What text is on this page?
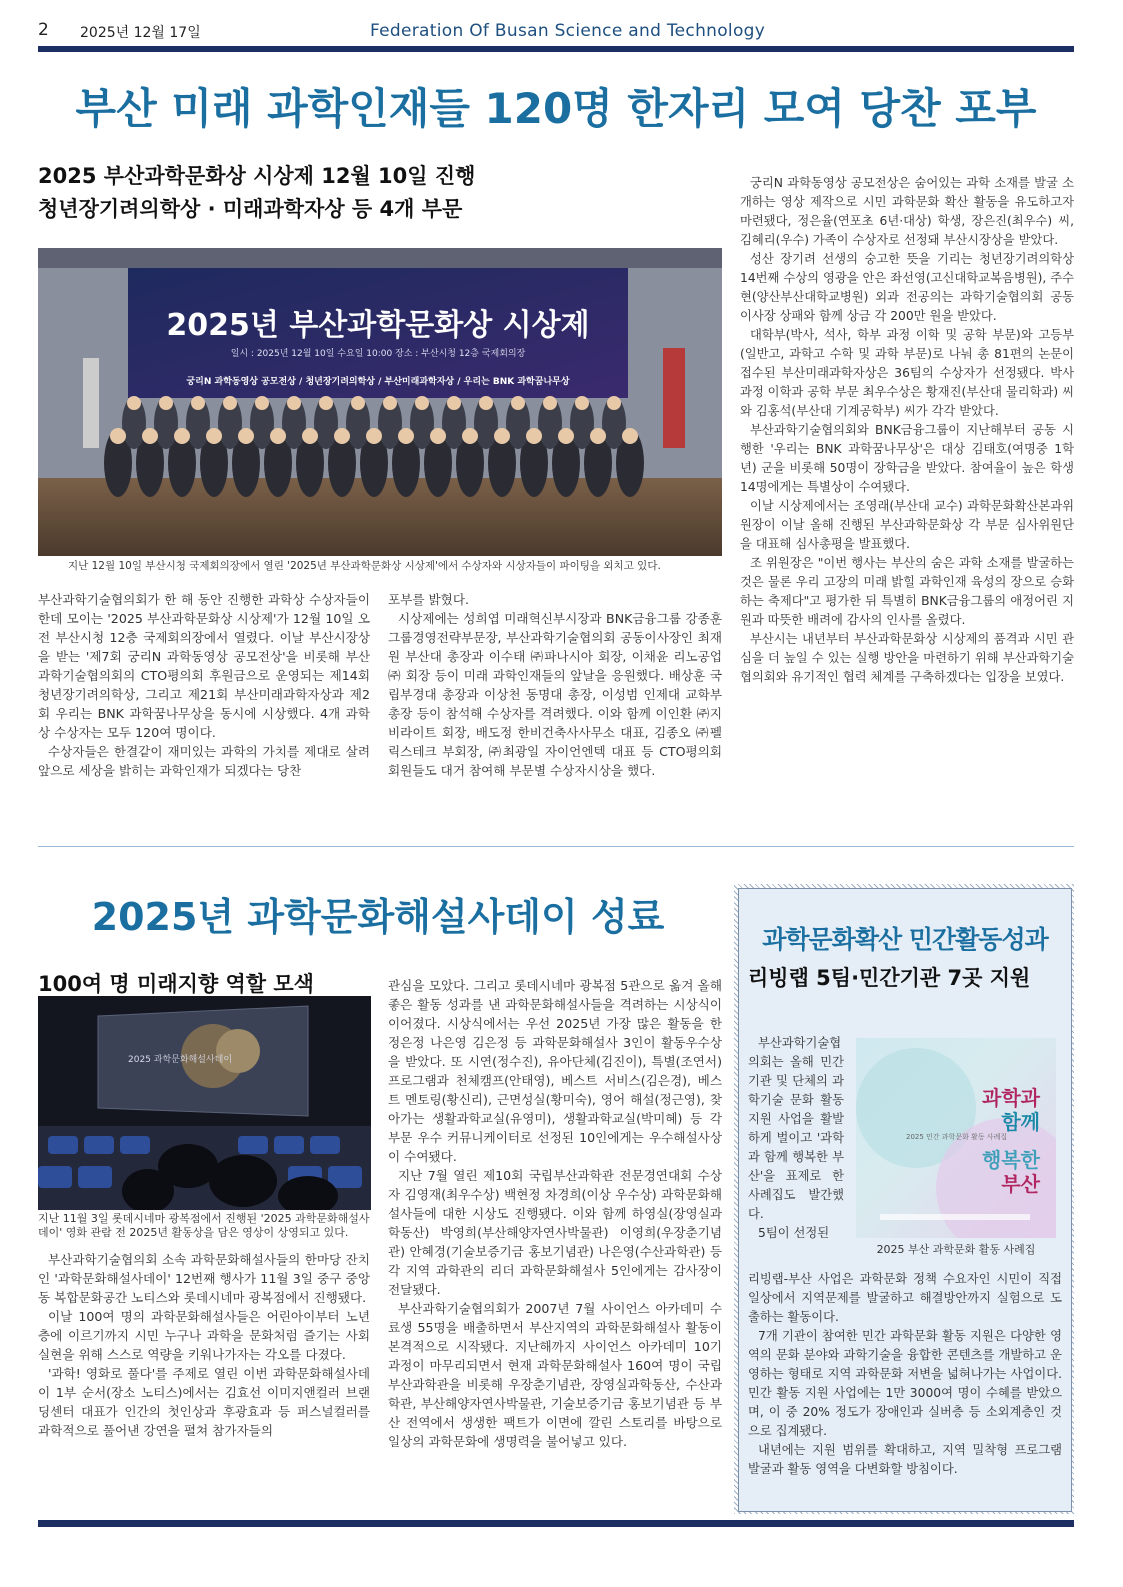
2 2025년 12월 17일	Federation Of Busan Science and Technology
부산 미래 과학인재들 120명 한자리 모여 당찬 포부
2025 부산과학문화상 시상제 12월 10일 진행
청년장기려의학상 · 미래과학자상 등 4개 부문
2025년 부산과학문화상 시상제
일시 : 2025년 12월 10일 수요일 10:00 장소 : 부산시청 12층 국제회의장
궁리N 과학동영상 공모전상 / 청년장기려의학상 / 부산미래과학자상 / 우리는 BNK 과학꿈나무상
지난 12월 10일 부산시청 국제회의장에서 열린 '2025년 부산과학문화상 시상제'에서 수상자와 시상자들이 파이팅을 외치고 있다.

부산과학기술협의회가 한 해 동안 진행한 과학상 수상자들이 한데 모이는 '2025 부산과학문화상 시상제'가 12월 10일 오전 부산시청 12층 국제회의장에서 열렸다. 이날 부산시장상을 받는 '제7회 궁리N 과학동영상 공모전상'을 비롯해 부산과학기술협의회의 CTO평의회 후원금으로 운영되는 제14회 청년장기려의학상, 그리고 제21회 부산미래과학자상과 제2회 우리는 BNK 과학꿈나무상을 동시에 시상했다. 4개 과학상 수상자는 모두 120여 명이다.

수상자들은 한결같이 재미있는 과학의 가치를 제대로 살려 앞으로 세상을 밝히는 과학인재가 되겠다는 당찬

포부를 밝혔다.

시상제에는 성희엽 미래혁신부시장과 BNK금융그룹 강종훈 그룹경영전략부문장, 부산과학기술협의회 공동이사장인 최재원 부산대 총장과 이수태 ㈜파나시아 회장, 이채윤 리노공업㈜ 회장 등이 미래 과학인재들의 앞날을 응원했다. 배상훈 국립부경대 총장과 이상천 동명대 총장, 이성범 인제대 교학부총장 등이 참석해 수상자를 격려했다. 이와 함께 이인환 ㈜지비라이트 회장, 배도정 한비건축사사무소 대표, 김종오 ㈜펠릭스테크 부회장, ㈜최광일 자이언엔텍 대표 등 CTO평의회 회원들도 대거 참여해 부문별 수상자시상을 했다.

궁리N 과학동영상 공모전상은 숨어있는 과학 소재를 발굴 소개하는 영상 제작으로 시민 과학문화 확산 활동을 유도하고자 마련됐다, 정은율(연포초 6년·대상) 학생, 장은진(최우수) 씨, 김혜리(우수) 가족이 수상자로 선정돼 부산시장상을 받았다.

성산 장기려 선생의 숭고한 뜻을 기리는 청년장기려의학상 14번째 수상의 영광을 안은 좌선영(고신대학교복음병원), 주수현(양산부산대학교병원) 외과 전공의는 과학기술협의회 공동이사장 상패와 함께 상금 각 200만 원을 받았다.

대학부(박사, 석사, 학부 과정 이학 및 공학 부문)와 고등부(일반고, 과학고 수학 및 과학 부문)로 나눠 총 81편의 논문이 접수된 부산미래과학자상은 36팀의 수상자가 선정됐다. 박사 과정 이학과 공학 부문 최우수상은 황재진(부산대 물리학과) 씨와 김홍석(부산대 기계공학부) 씨가 각각 받았다.

부산과학기술협의회와 BNK금융그룹이 지난해부터 공동 시행한 '우리는 BNK 과학꿈나무상'은 대상 김태호(여명중 1학년) 군을 비롯해 50명이 장학금을 받았다. 참여율이 높은 학생 14명에게는 특별상이 수여됐다.

이날 시상제에서는 조영래(부산대 교수) 과학문화확산본과위원장이 이날 올해 진행된 부산과학문화상 각 부문 심사위원단을 대표해 심사총평을 발표했다.

조 위원장은 "이번 행사는 부산의 숨은 과학 소재를 발굴하는 것은 물론 우리 고장의 미래 밝힐 과학인재 육성의 장으로 승화하는 축제다"고 평가한 뒤 특별히 BNK금융그룹의 애정어린 지원과 따뜻한 배려에 감사의 인사를 올렸다.

부산시는 내년부터 부산과학문화상 시상제의 품격과 시민 관심을 더 높일 수 있는 실행 방안을 마련하기 위해 부산과학기술협의회와 유기적인 협력 체계를 구축하겠다는 입장을 보였다.

2025년 과학문화해설사데이 성료
100여 명 미래지향 역할 모색
2025 과학문화해설사데이
지난 11월 3일 롯데시네마 광복점에서 진행된 '2025 과학문화해설사데이' 영화 관람 전 2025년 활동상을 담은 영상이 상영되고 있다.

부산과학기술협의회 소속 과학문화해설사들의 한마당 잔치인 '과학문화해설사데이' 12번째 행사가 11월 3일 중구 중앙동 복합문화공간 노티스와 롯데시네마 광복점에서 진행됐다.

이날 100여 명의 과학문화해설사들은 어린아이부터 노년층에 이르기까지 시민 누구나 과학을 문화처럼 즐기는 사회 실현을 위해 스스로 역량을 키워나가자는 각오를 다졌다.

'과학! 영화로 풀다'를 주제로 열린 이번 과학문화해설사데이 1부 순서(장소 노티스)에서는 김효선 이미지앤컬러 브랜딩센터 대표가 인간의 첫인상과 후광효과 등 퍼스널컬러를 과학적으로 풀어낸 강연을 펼쳐 참가자들의

관심을 모았다. 그리고 롯데시네마 광복점 5관으로 옮겨 올해 좋은 활동 성과를 낸 과학문화해설사들을 격려하는 시상식이 이어졌다. 시상식에서는 우선 2025년 가장 많은 활동을 한 정은정 나은영 김은정 등 과학문화해설사 3인이 활동우수상을 받았다. 또 시연(정수진), 유아단체(김진이), 특별(조연서) 프로그램과 천체캠프(안태영), 베스트 서비스(김은경), 베스트 멘토링(황신리), 근면성실(황미숙), 영어 해설(정근영), 찾아가는 생활과학교실(유영미), 생활과학교실(박미혜) 등 각 부문 우수 커뮤니케이터로 선정된 10인에게는 우수해설사상이 수여됐다.

지난 7월 열린 제10회 국립부산과학관 전문경연대회 수상자 김영재(최우수상) 백현정 차경희(이상 우수상) 과학문화해설사들에 대한 시상도 진행됐다. 이와 함께 하영실(장영실과학동산) 박영희(부산해양자연사박물관) 이영희(우장춘기념관) 안혜경(기술보증기금 홍보기념관) 나은영(수산과학관) 등 각 지역 과학관의 리더 과학문화해설사 5인에게는 감사장이 전달됐다.

부산과학기술협의회가 2007년 7월 사이언스 아카데미 수료생 55명을 배출하면서 부산지역의 과학문화해설사 활동이 본격적으로 시작됐다. 지난해까지 사이언스 아카데미 10기 과정이 마무리되면서 현재 과학문화해설사 160여 명이 국립부산과학관을 비롯해 우장춘기념관, 장영실과학동산, 수산과학관, 부산해양자연사박물관, 기술보증기금 홍보기념관 등 부산 전역에서 생생한 팩트가 이면에 깔린 스토리를 바탕으로 일상의 과학문화에 생명력을 불어넣고 있다.

과학문화확산 민간활동성과
리빙랩 5팀·민간기관 7곳 지원

부산과학기술협의회는 올해 민간 기관 및 단체의 과학기술 문화 활동 지원 사업을 활발하게 벌이고 '과학과 함께 행복한 부산'을 표제로 한 사례집도 발간했다.

5팀이 선정된

과학과
함께
2025 민간 과학문화 활동 사례집
행복한
부산
2025 부산 과학문화 활동 사례집

리빙랩-부산 사업은 과학문화 정책 수요자인 시민이 직접 일상에서 지역문제를 발굴하고 해결방안까지 실험으로 도출하는 활동이다.

7개 기관이 참여한 민간 과학문화 활동 지원은 다양한 영역의 문화 분야와 과학기술을 융합한 콘텐츠를 개발하고 운영하는 형태로 지역 과학문화 저변을 넓혀나가는 사업이다. 민간 활동 지원 사업에는 1만 3000여 명이 수혜를 받았으며, 이 중 20% 정도가 장애인과 실버층 등 소외계층인 것으로 집계됐다.

내년에는 지원 범위를 확대하고, 지역 밀착형 프로그램 발굴과 활동 영역을 다변화할 방침이다.
